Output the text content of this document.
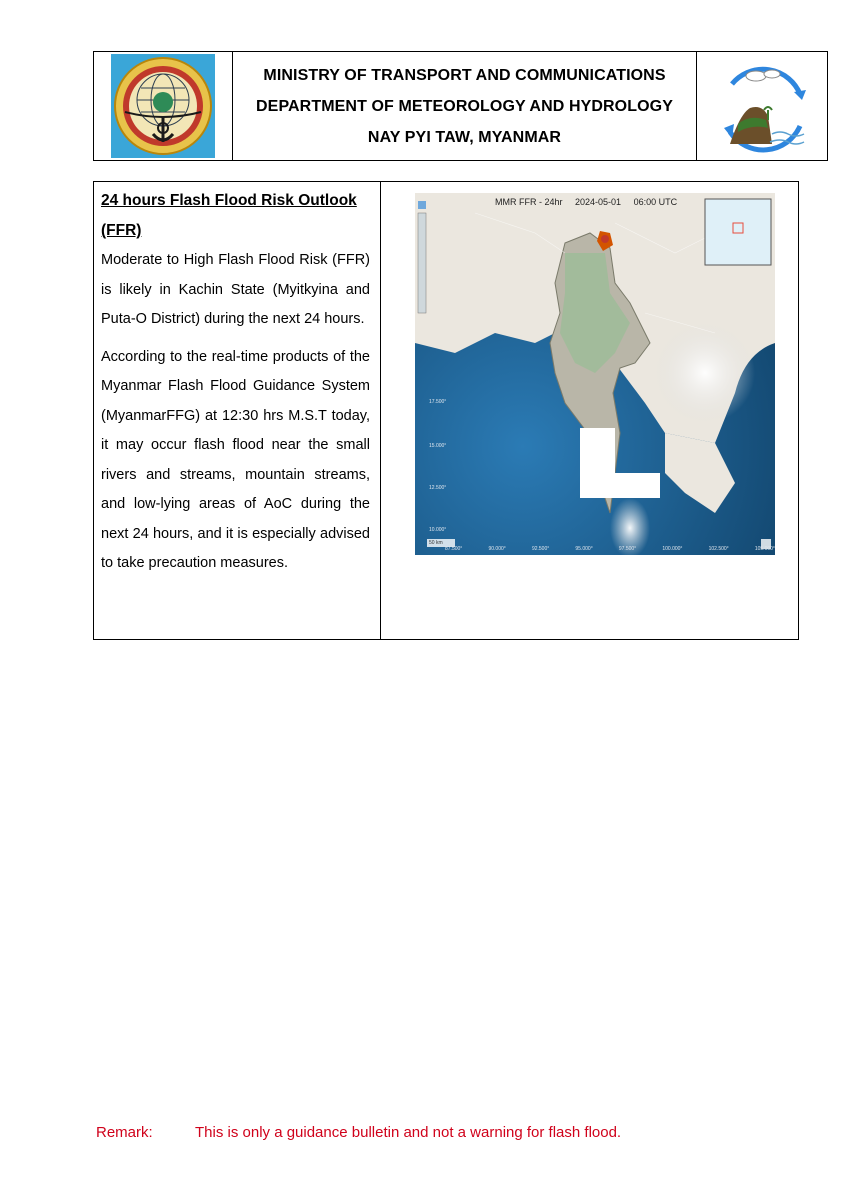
MINISTRY OF TRANSPORT AND COMMUNICATIONS
DEPARTMENT OF METEOROLOGY AND HYDROLOGY
NAY PYI TAW, MYANMAR
24 hours Flash Flood Risk Outlook
(FFR)

Moderate to High Flash Flood Risk (FFR) is likely in Kachin State (Myitkyina and Puta-O District) during the next 24 hours.

According to the real-time products of the Myanmar Flash Flood Guidance System (MyanmarFFG) at 12:30 hrs M.S.T today, it may occur flash flood near the small rivers and streams, mountain streams, and low-lying areas of AoC during the next 24 hours, and it is especially advised to take precaution measures.

MMR FFR - 24hr 2024-05-01 06:00 UTC
17.500°
15.000°
12.500°
10.000°
87.500°	90.000°	92.500°	95.000°	97.500°	100.000°	102.500°	105.000°
50 km
Remark:	This is only a guidance bulletin and not a warning for flash flood.
